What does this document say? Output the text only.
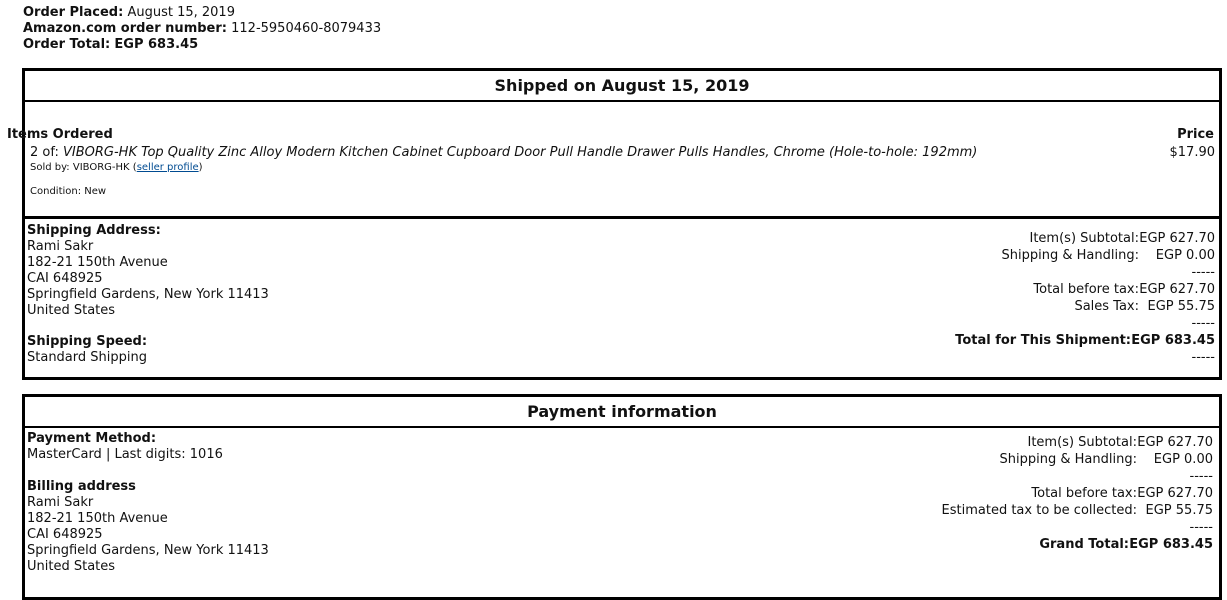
Order Placed: August 15, 2019
Amazon.com order number: 112-5950460-8079433
Order Total: EGP 683.45
Shipped on August 15, 2019
Items Ordered	Price
2 of: VIBORG-HK Top Quality Zinc Alloy Modern Kitchen Cabinet Cupboard Door Pull Handle Drawer Pulls Handles, Chrome (Hole-to-hole: 192mm)	$17.90
Sold by: VIBORG-HK (seller profile)
Condition: New
Shipping Address:
Rami Sakr
182-21 150th Avenue
CAI 648925
Springfield Gardens, New York 11413
United States
Shipping Speed:
Standard Shipping
Item(s) Subtotal: EGP 627.70
Shipping & Handling:	EGP 0.00
-----
Total before tax: EGP 627.70
Sales Tax: EGP 55.75
-----
Total for This Shipment: EGP 683.45
-----
Payment information
Payment Method:
MasterCard | Last digits: 1016
Billing address
Rami Sakr
182-21 150th Avenue
CAI 648925
Springfield Gardens, New York 11413
United States
Item(s) Subtotal: EGP 627.70
Shipping & Handling:	EGP 0.00
-----
Total before tax: EGP 627.70
Estimated tax to be collected: EGP 55.75
-----
Grand Total: EGP 683.45
